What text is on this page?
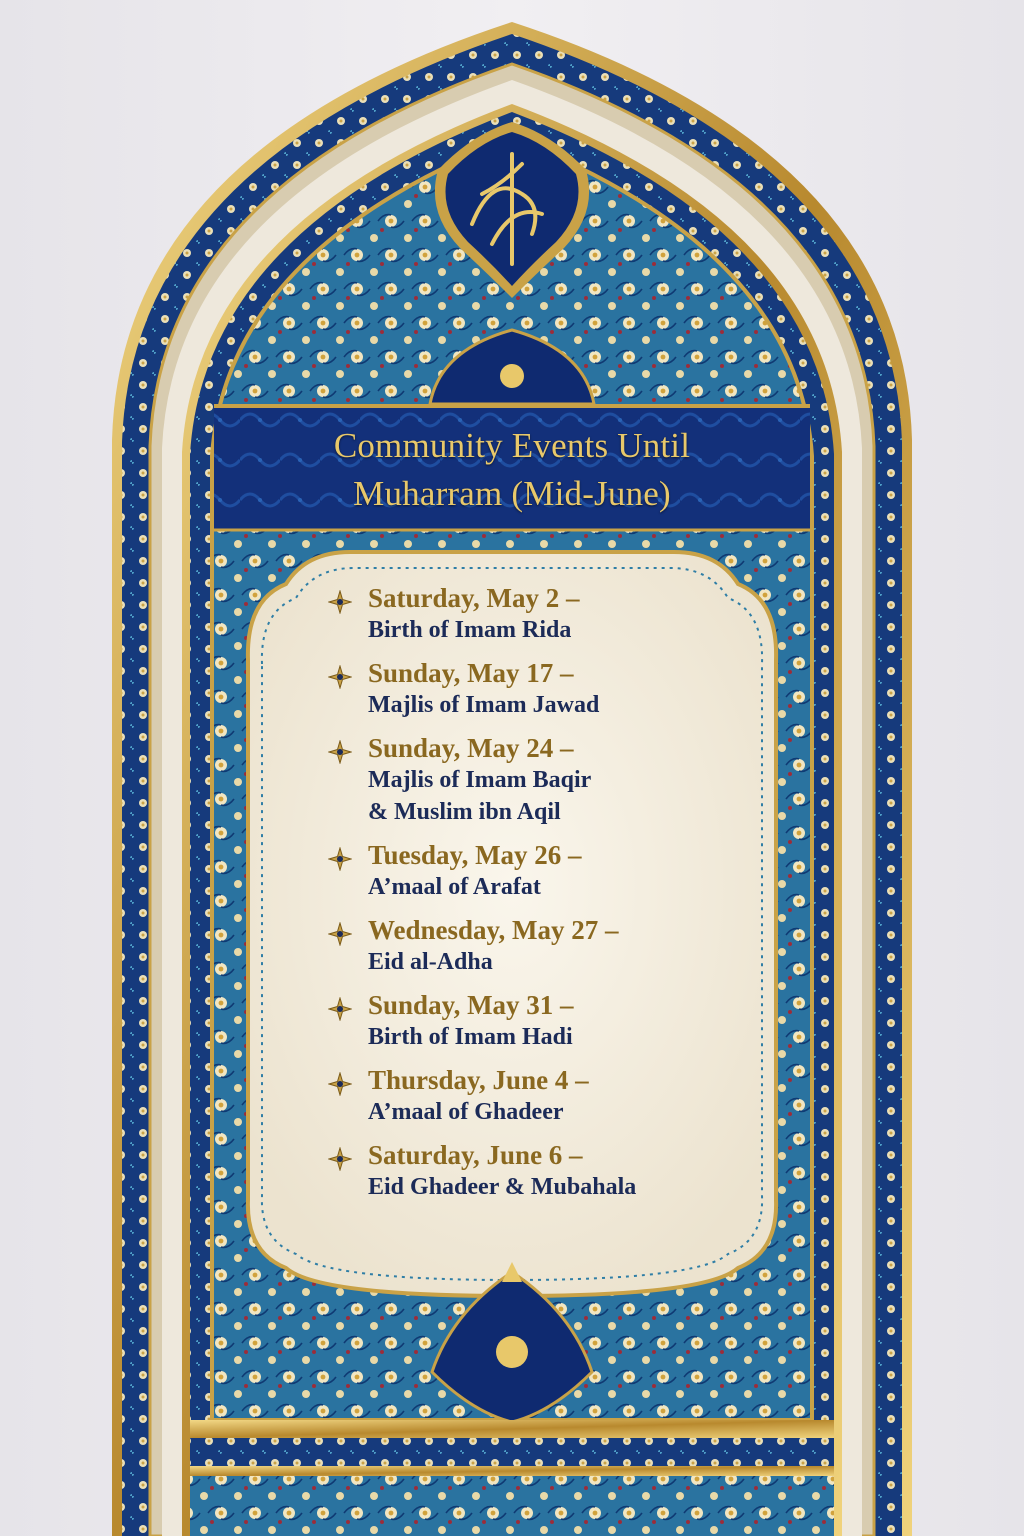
Community Events Until
Muharram (Mid-June)
Saturday, May 2 –
Birth of Imam Rida
Sunday, May 17 –
Majlis of Imam Jawad
Sunday, May 24 –
Majlis of Imam Baqir
& Muslim ibn Aqil
Tuesday, May 26 –
A’maal of Arafat
Wednesday, May 27 –
Eid al-Adha
Sunday, May 31 –
Birth of Imam Hadi
Thursday, June 4 –
A’maal of Ghadeer
Saturday, June 6 –
Eid Ghadeer & Mubahala
